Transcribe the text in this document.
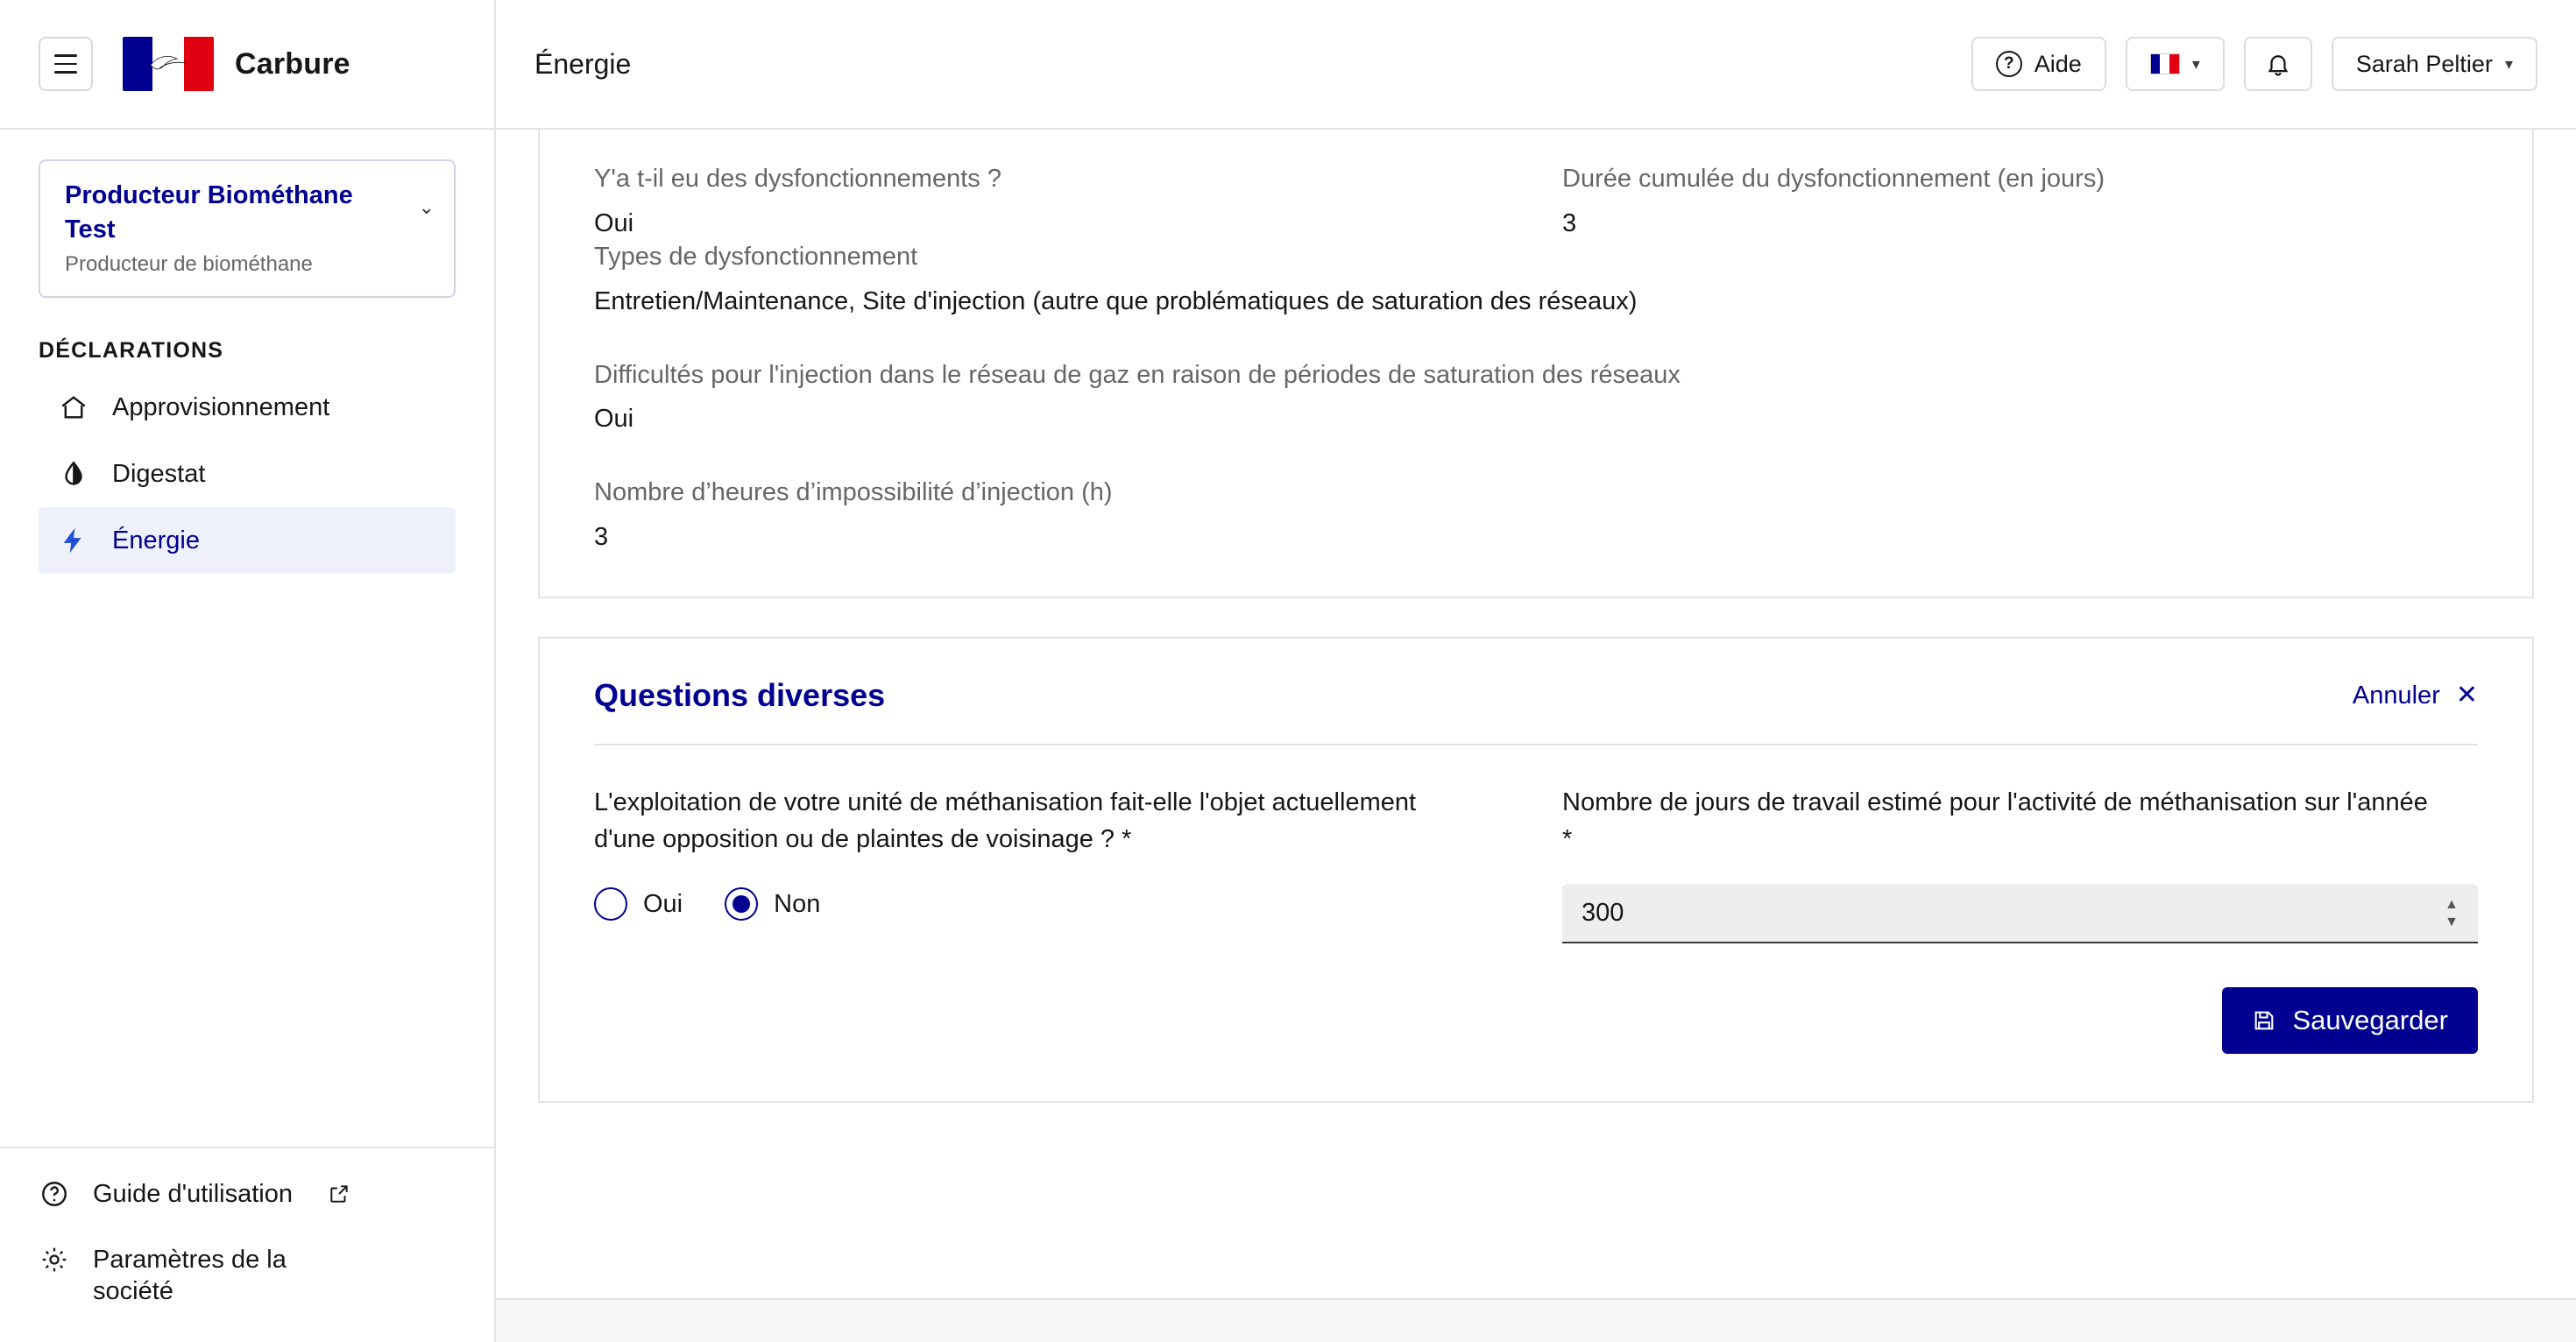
Carbure	Énergie	? Aide	▾	Sarah Peltier ▾
Producteur Biométhane Test
Producteur de biométhane
⌄
DÉCLARATIONS
Approvisionnement
Digestat
Énergie
Guide d'utilisation
Paramètres de la société
Y'a t-il eu des dysfonctionnements ?
Oui
Durée cumulée du dysfonctionnement (en jours)
3
Types de dysfonctionnement
Entretien/Maintenance, Site d'injection (autre que problématiques de saturation des réseaux)
Difficultés pour l'injection dans le réseau de gaz en raison de périodes de saturation des réseaux
Oui
Nombre d’heures d’impossibilité d’injection (h)
3
Questions diverses	Annuler ✕
L'exploitation de votre unité de méthanisation fait-elle l'objet actuellement d'une opposition ou de plaintes de voisinage ? *
Oui	Non
Nombre de jours de travail estimé pour l'activité de méthanisation sur l'année *
300
▲
▼
Sauvegarder
